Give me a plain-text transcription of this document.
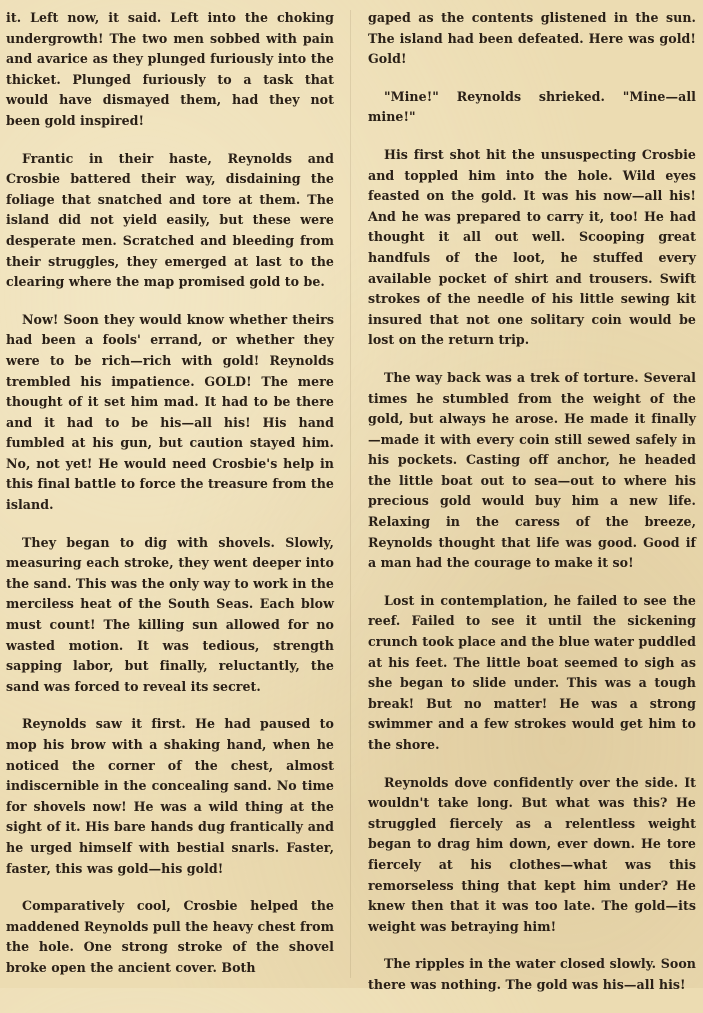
it. Left now, it said. Left into the choking undergrowth! The two men sobbed with pain and avarice as they plunged furiously into the thicket. Plunged furiously to a task that would have dismayed them, had they not been gold inspired!

Frantic in their haste, Reynolds and Crosbie battered their way, disdaining the foliage that snatched and tore at them. The island did not yield easily, but these were desperate men. Scratched and bleeding from their struggles, they emerged at last to the clearing where the map promised gold to be.

Now! Soon they would know whether theirs had been a fools' errand, or whether they were to be rich—rich with gold! Reynolds trembled his impatience. GOLD! The mere thought of it set him mad. It had to be there and it had to be his—all his! His hand fumbled at his gun, but caution stayed him. No, not yet! He would need Crosbie's help in this final battle to force the treasure from the island.

They began to dig with shovels. Slowly, measuring each stroke, they went deeper into the sand. This was the only way to work in the merciless heat of the South Seas. Each blow must count! The killing sun allowed for no wasted motion. It was tedious, strength sapping labor, but finally, reluctantly, the sand was forced to reveal its secret.

Reynolds saw it first. He had paused to mop his brow with a shaking hand, when he noticed the corner of the chest, almost indiscernible in the concealing sand. No time for shovels now! He was a wild thing at the sight of it. His bare hands dug frantically and he urged himself with bestial snarls. Faster, faster, this was gold—his gold!

Comparatively cool, Crosbie helped the maddened Reynolds pull the heavy chest from the hole. One strong stroke of the shovel broke open the ancient cover. Both

gaped as the contents glistened in the sun. The island had been defeated. Here was gold! Gold!

"Mine!" Reynolds shrieked. "Mine—all mine!"

His first shot hit the unsuspecting Crosbie and toppled him into the hole. Wild eyes feasted on the gold. It was his now—all his! And he was prepared to carry it, too! He had thought it all out well. Scooping great handfuls of the loot, he stuffed every available pocket of shirt and trousers. Swift strokes of the needle of his little sewing kit insured that not one solitary coin would be lost on the return trip.

The way back was a trek of torture. Several times he stumbled from the weight of the gold, but always he arose. He made it finally—made it with every coin still sewed safely in his pockets. Casting off anchor, he headed the little boat out to sea—out to where his precious gold would buy him a new life. Relaxing in the caress of the breeze, Reynolds thought that life was good. Good if a man had the courage to make it so!

Lost in contemplation, he failed to see the reef. Failed to see it until the sickening crunch took place and the blue water puddled at his feet. The little boat seemed to sigh as she began to slide under. This was a tough break! But no matter! He was a strong swimmer and a few strokes would get him to the shore.

Reynolds dove confidently over the side. It wouldn't take long. But what was this? He struggled fiercely as a relentless weight began to drag him down, ever down. He tore fiercely at his clothes—what was this remorseless thing that kept him under? He knew then that it was too late. The gold—its weight was betraying him!

The ripples in the water closed slowly. Soon there was nothing. The gold was his—all his!
